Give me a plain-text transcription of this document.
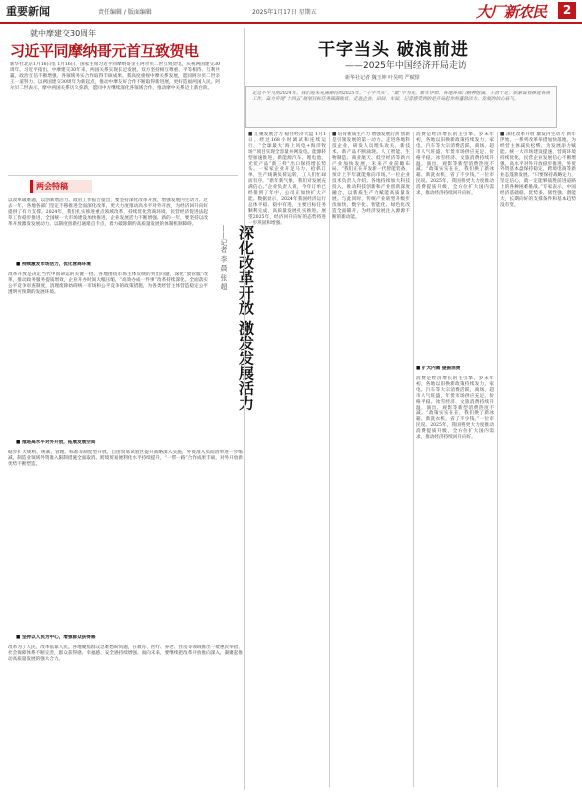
重要新闻	责任编辑 / 版面编辑	2025年1月17日 星期五	大厂新农民	2
就中摩建交30周年
习近平同摩纳哥元首互致贺电
新华社北京1月16日电 1月16日，国家主席习近平同摩纳哥亲王阿尔贝二世互致贺电，庆祝两国建交30周年。习近平指出，中摩建交30年来，两国关系实现长足发展。双方坚持相互尊重、平等相待、互利共赢，政治互信不断增强，各领域务实合作取得丰硕成果。我高度重视中摩关系发展，愿同阿尔贝二世亲王一道努力，以两国建交30周年为新起点，推动中摩友好合作不断取得新进展，更好造福两国人民。阿尔贝二世表示，摩中两国关系历久弥新，愿同中方继续深化各领域合作，推动摩中关系迈上新台阶。
两会特稿
以改革破难题，以创新增活力。政府工作报告提出，要坚持深化改革开放，增强发展内生动力。过去一年，各地各部门坚定不移推进全面深化改革，更大力度推动高水平对外开放，为经济回升向好提供了有力支撑。2024年，我们扎实推进重点领域改革，持续优化营商环境，民营经济促进法起草工作稳步推进，全国统一大市场建设加快推进，企业发展活力不断增强。新的一年，要坚持以改革开放激发发展动力，以制度创新打通堵点卡点，着力破除制约高质量发展的体制机制障碍。
■ 持续激发市场活力，优化营商环境
改革开放是决定当代中国命运的关键一招。各地围绕市场主体反映的突出问题，深化“放管服”改革，推动政务服务提质增效，企业开办时间大幅压缩，“高效办成一件事”改革持续深化。全面落实公平竞争审查制度，清理废除妨碍统一市场和公平竞争的政策措施，为各类经营主体营造稳定公平透明可预期的发展环境。
■ 推进高水平对外开放，拓展发展空间
稳步扩大规则、规制、管理、标准等制度型开放，自由贸易试验区提升战略深入实施，外资准入负面清单进一步缩减，制造业领域外资准入限制措施全面取消。跨境贸易便利化水平持续提升，“一带一路”合作成果丰硕，对外开放新优势不断塑造。
■ 坚持以人民为中心，增强群众获得感
改革为了人民，改革依靠人民。各地聚焦群众急难愁盼问题，在教育、医疗、养老、住房等领域推出一批惠民举措，社会保障体系不断完善，群众获得感、幸福感、安全感持续增强。面向未来，要继续把改革开放推向深入，凝聚起推动高质量发展的强大合力。
深化改革开放 激发发展活力
——记者 李 晨 张 超
干字当头 破浪前进
——2025年中国经济开局走访
新华社记者 魏玉坤 叶昊鸣 严赋憬
走过不平凡的2024年，我们迎来充满期待的2025年。“干字当头”，“敢”字为先，新年伊始，各地各部门精神饱满、干劲十足，抓紧谋划推进各项工作，奋力实现“十四五”规划目标任务圆满收官。走进企业、田间、车间，记者感受到的是开局起步的蓬勃活力、发展的信心底气。
■ 汇聚发展合力 稳住经济大盘 1月1日，经过168小时调试和连续运行，“全球最大‘海上风电+海洋牧场’”项目实现全容量并网发电。能源转型加速推进，新能源汽车、锂电池、光伏产品“新三样”出口保持增长势头。一家家企业开足马力、抢抓订单，生产线满负荷运转，工人们忙碌而有序。“新年新气象，我们对发展充满信心。”企业负责人说，今年订单已经排到了年中，公司正加快扩大产能。数据显示，2024年我国经济运行总体平稳、稳中有进，主要目标任务顺利完成，高质量发展扎实推进。展望2025年，经济回升向好的态势将进一步巩固和增强。
■ 培育新质生产力 增强发展后劲 创新是引领发展的第一动力。走进各地科技企业，研发人员埋头攻关，新技术、新产品不断涌现。人工智能、生物制造、商业航天、低空经济等新兴产业加快发展，未来产业前瞻布局。“我们正在开发新一代智能装备，预计上半年就能推向市场。”一位企业技术负责人介绍。各地持续加大科技投入，推动科技创新和产业创新深度融合，以新质生产力赋能高质量发展。与此同时，传统产业转型升级步伐加快，数字化、智能化、绿色化改造全面铺开，为经济发展注入源源不断的新动能。
消费是经济增长的主引擎。岁末年初，各地以旧换新政策持续发力，家电、汽车等大宗消费活跃，商场、超市人气旺盛，年货市场供应充足、价格平稳。冰雪经济、文旅消费持续升温，演出、观影等新型消费热度不减。“政策实实在在，我们换了新冰箱、新洗衣机，省了不少钱。”一位市民说。2025年，我国将更大力度推动消费提质升级，全方位扩大国内需求，推动经济持续回升向好。
■ 扩大内需 提振消费
消费是经济增长的主引擎。岁末年初，各地以旧换新政策持续发力，家电、汽车等大宗消费活跃，商场、超市人气旺盛，年货市场供应充足、价格平稳。冰雪经济、文旅消费持续升温，演出、观影等新型消费热度不减。“政策实实在在，我们换了新冰箱、新洗衣机，省了不少钱。”一位市民说。2025年，我国将更大力度推动消费提质升级，全方位扩大国内需求，推动经济持续回升向好。
■ 深化改革开放 激发内生动力 新年伊始，一系列改革举措加快落地，为经营主体减负松绑、为发展添力赋能。统一大市场建设提速，营商环境持续优化，民营企业发展信心不断增强。高水平对外开放稳步推进，外贸外资基本盘保持稳定，跨境电商等新业态蓬勃发展。“只要保持战略定力，坚定信心，就一定能够战胜前进道路上的各种困难挑战。”专家表示，中国经济基础稳、优势多、韧性强、潜能大，长期向好的支撑条件和基本趋势没有变。
